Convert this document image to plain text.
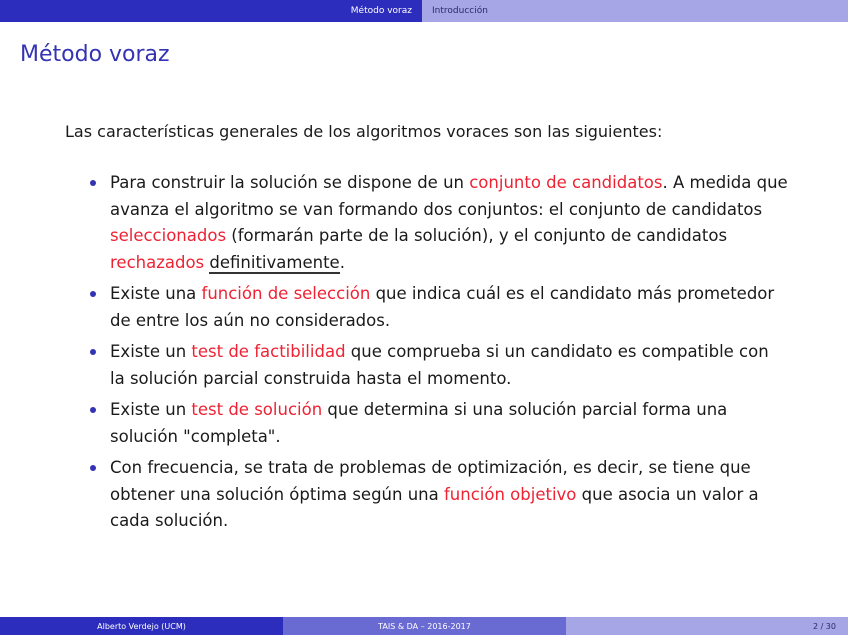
Método voraz	Introducción
Método voraz
Las características generales de los algoritmos voraces son las siguientes:
Para construir la solución se dispone de un conjunto de candidatos. A medida que avanza el algoritmo se van formando dos conjuntos: el conjunto de candidatos seleccionados (formarán parte de la solución), y el conjunto de candidatos rechazados definitivamente.
Existe una función de selección que indica cuál es el candidato más prometedor de entre los aún no considerados.
Existe un test de factibilidad que comprueba si un candidato es compatible con la solución parcial construida hasta el momento.
Existe un test de solución que determina si una solución parcial forma una solución "completa".
Con frecuencia, se trata de problemas de optimización, es decir, se tiene que obtener una solución óptima según una función objetivo que asocia un valor a cada solución.
Alberto Verdejo (UCM)	TAIS & DA – 2016-2017	2 / 30
